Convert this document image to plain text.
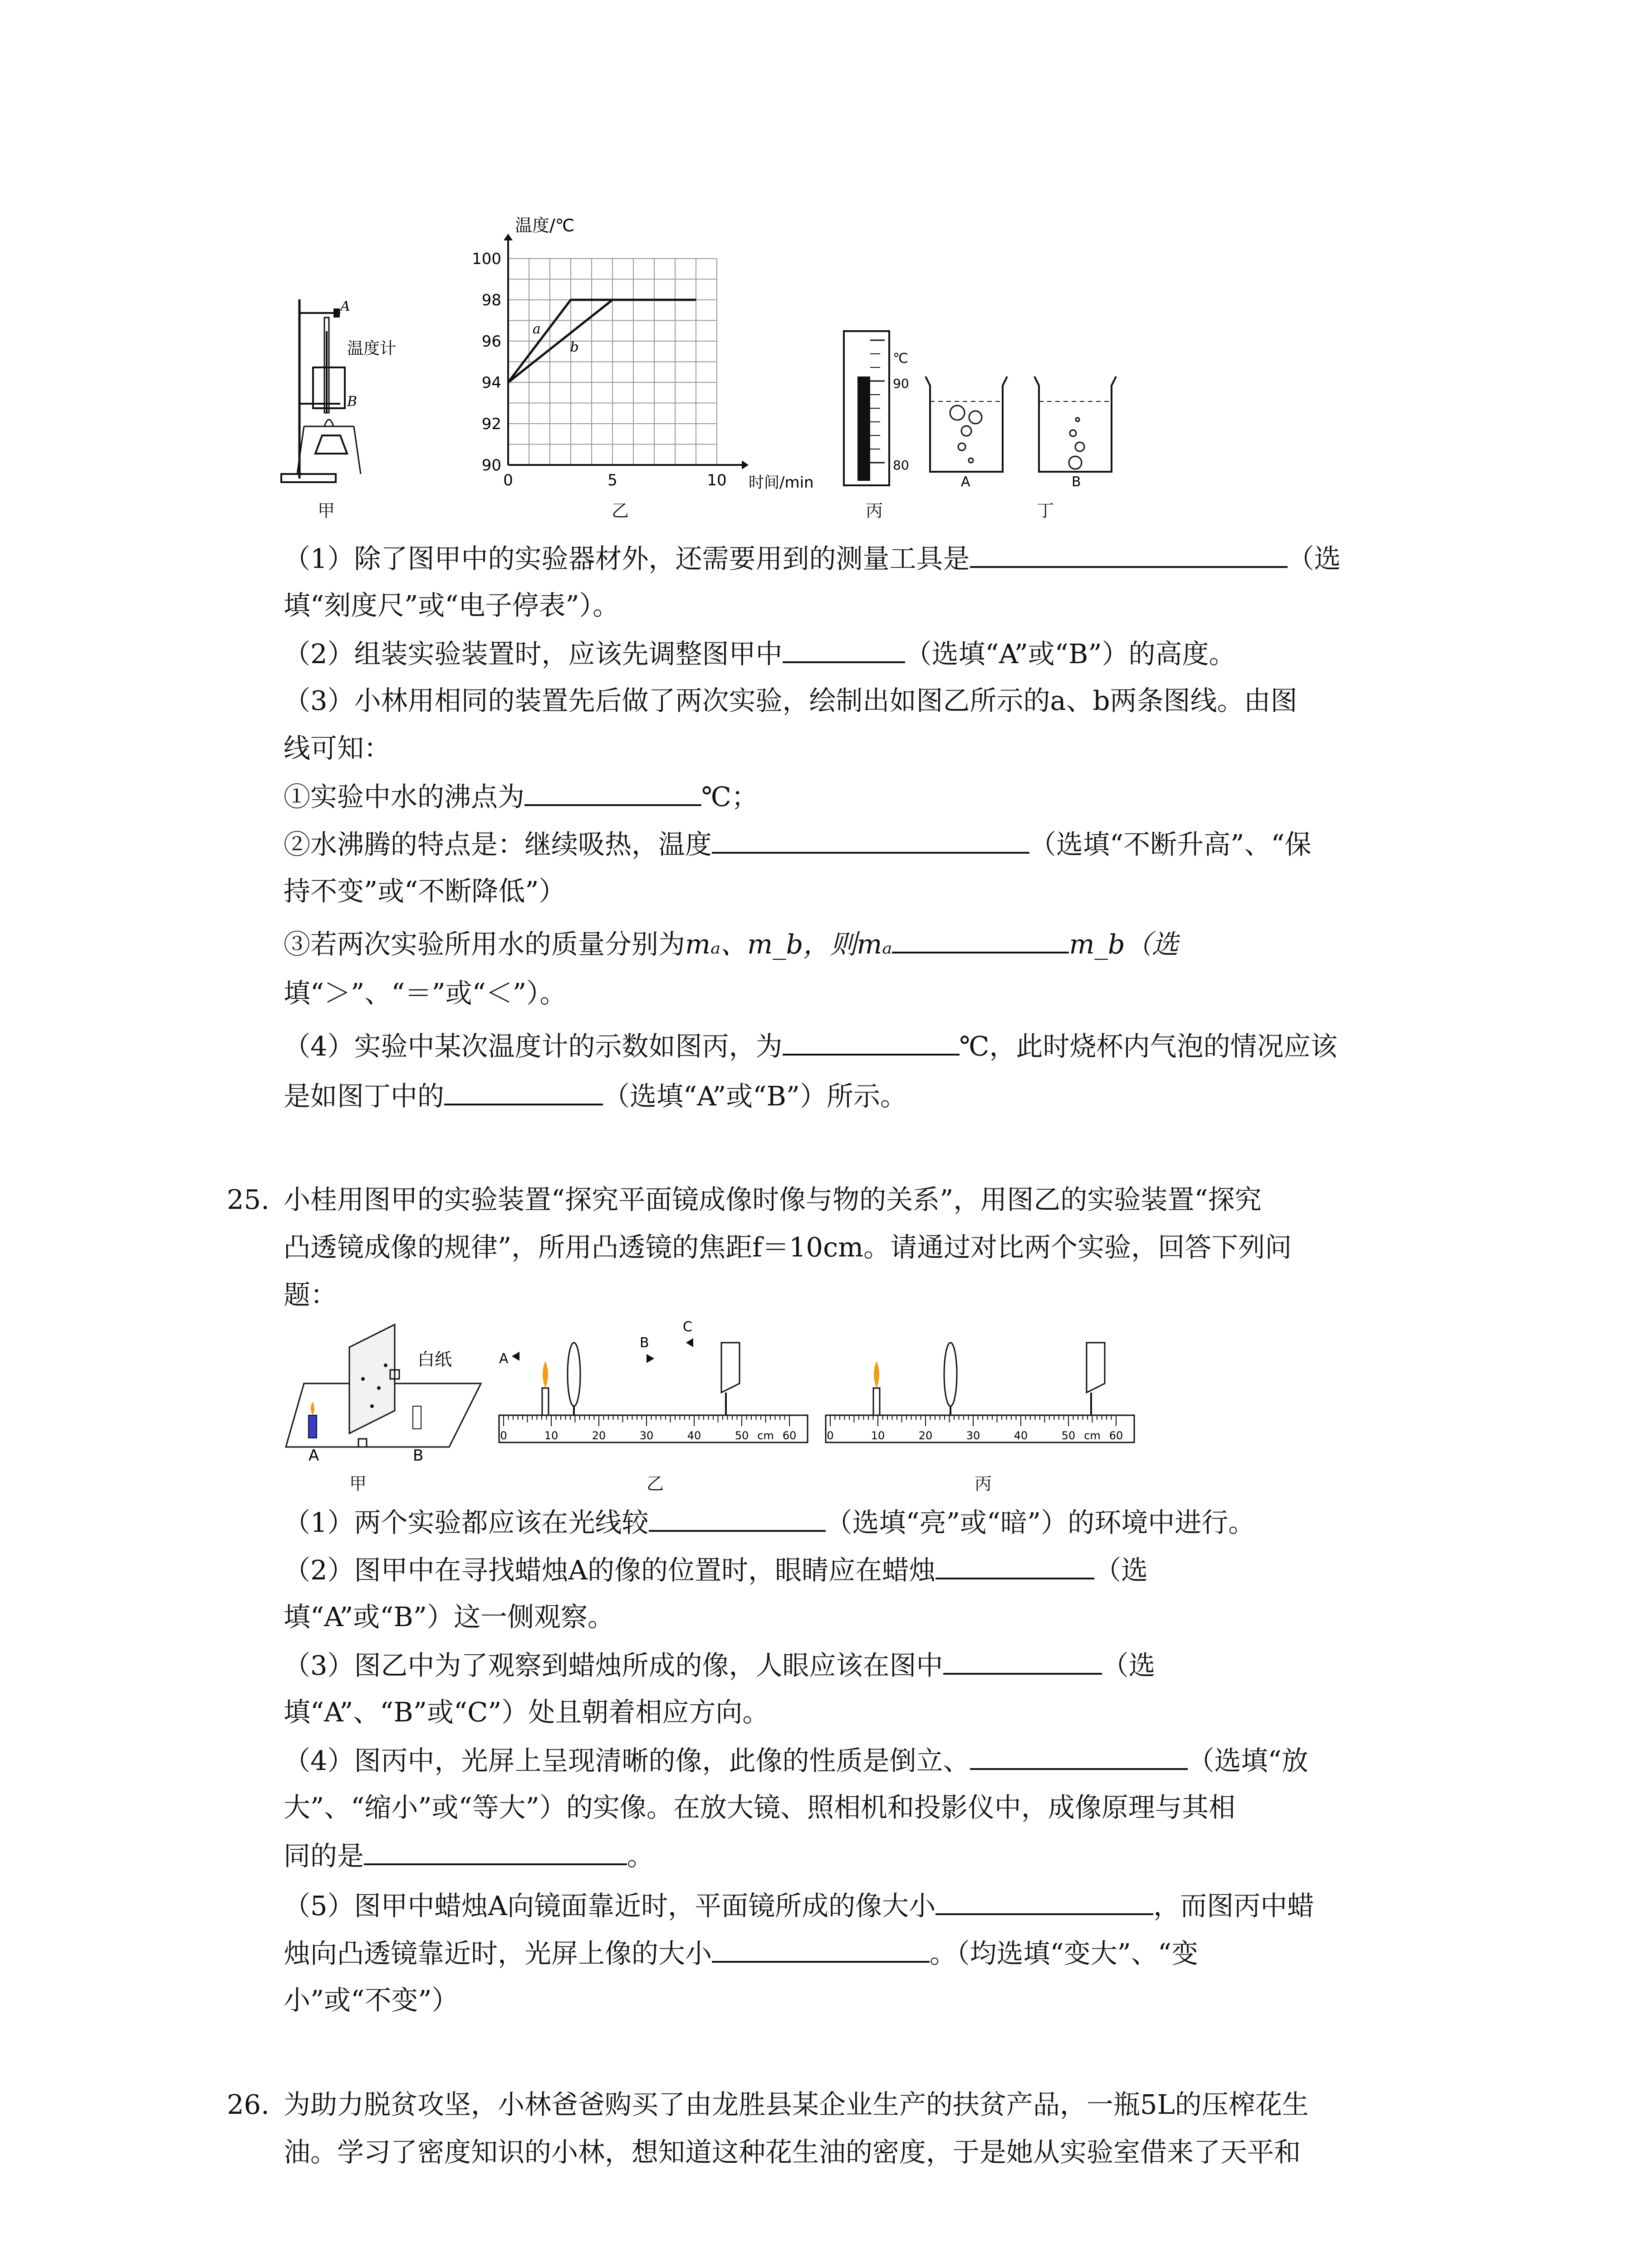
A
B
温度计
甲
90
92
94
96
98
100
0	5	10
a
b
温度/℃
时间/min
乙
℃
90
80
丙
A	B
丁
（1）除了图甲中的实验器材外，还需要用到的测量工具是	（选
填“刻度尺”或“电子停表”）。
（2）组装实验装置时，应该先调整图甲中	（选填“A”或“B”）的高度。
（3）小林用相同的装置先后做了两次实验，绘制出如图乙所示的a、b两条图线。由图
线可知：
①实验中水的沸点为	℃；
②水沸腾的特点是：继续吸热，温度	（选填“不断升高”、“保
持不变”或“不断降低”）
③若两次实验所用水的质量分别为mₐ、m_b，则mₐ	m_b（选
填“＞”、“＝”或“＜”）。
（4）实验中某次温度计的示数如图丙，为	℃，此时烧杯内气泡的情况应该
是如图丁中的	（选填“A”或“B”）所示。
25. 小桂用图甲的实验装置“探究平面镜成像时像与物的关系”，用图乙的实验装置“探究
凸透镜成像的规律”，所用凸透镜的焦距f＝10cm。请通过对比两个实验，回答下列问
题：
白纸
A	B
甲
0	10	20	30	40	50 cm 60
A
B
C
乙
0	10	20	30	40	50 cm 60
丙
（1）两个实验都应该在光线较	（选填“亮”或“暗”）的环境中进行。
（2）图甲中在寻找蜡烛A的像的位置时，眼睛应在蜡烛	（选
填“A”或“B”）这一侧观察。
（3）图乙中为了观察到蜡烛所成的像，人眼应该在图中	（选
填“A”、“B”或“C”）处且朝着相应方向。
（4）图丙中，光屏上呈现清晰的像，此像的性质是倒立、	（选填“放
大”、“缩小”或“等大”）的实像。在放大镜、照相机和投影仪中，成像原理与其相
同的是	。
（5）图甲中蜡烛A向镜面靠近时，平面镜所成的像大小	，而图丙中蜡
烛向凸透镜靠近时，光屏上像的大小	。（均选填“变大”、“变
小”或“不变”）
26. 为助力脱贫攻坚，小林爸爸购买了由龙胜县某企业生产的扶贫产品，一瓶5L的压榨花生
油。学习了密度知识的小林，想知道这种花生油的密度，于是她从实验室借来了天平和
